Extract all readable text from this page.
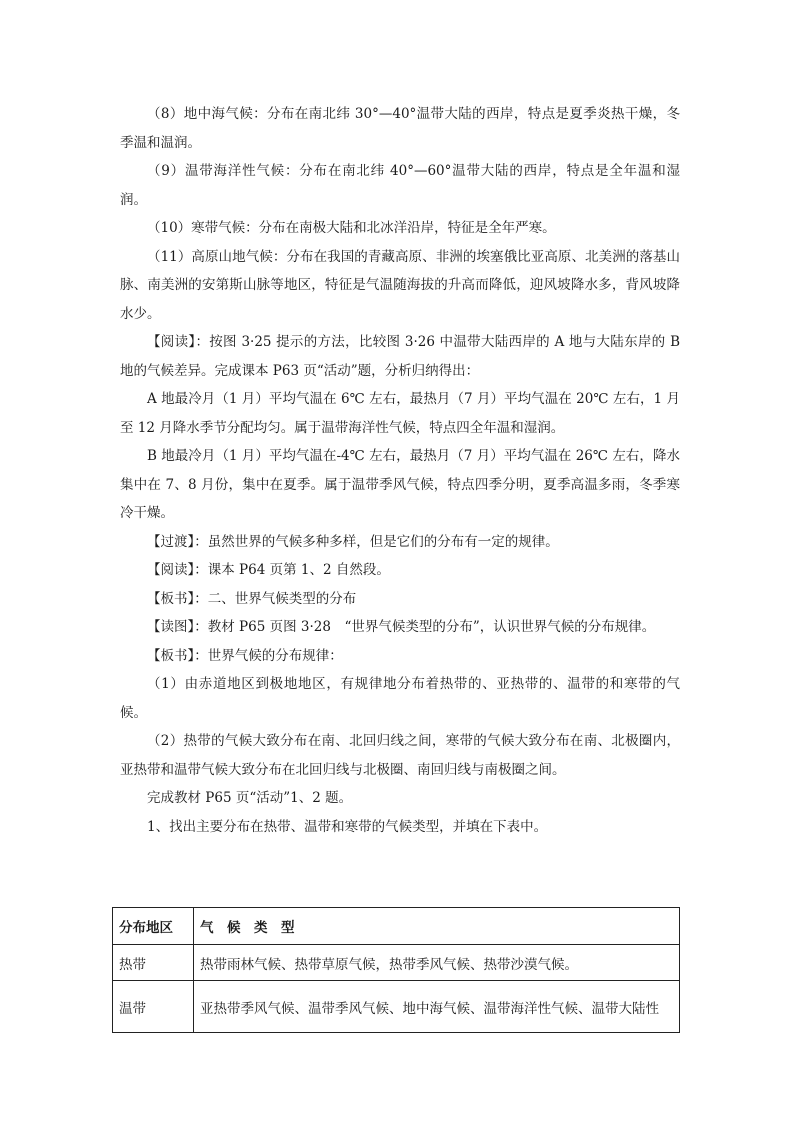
（8）地中海气候：分布在南北纬 30°—40°温带大陆的西岸，特点是夏季炎热干燥，冬季温和温润。

（9）温带海洋性气候：分布在南北纬 40°—60°温带大陆的西岸，特点是全年温和湿润。

（10）寒带气候：分布在南极大陆和北冰洋沿岸，特征是全年严寒。

（11）高原山地气候：分布在我国的青藏高原、非洲的埃塞俄比亚高原、北美洲的落基山脉、南美洲的安第斯山脉等地区，特征是气温随海拔的升高而降低，迎风坡降水多，背风坡降水少。

【阅读】：按图 3·25 提示的方法，比较图 3·26 中温带大陆西岸的 A 地与大陆东岸的 B 地的气候差异。完成课本 P63 页“活动”题，分析归纳得出：

A 地最冷月（1 月）平均气温在 6℃ 左右，最热月（7 月）平均气温在 20℃ 左右，1 月至 12 月降水季节分配均匀。属于温带海洋性气候，特点四全年温和湿润。

B 地最冷月（1 月）平均气温在-4℃ 左右，最热月（7 月）平均气温在 26℃ 左右，降水集中在 7、8 月份，集中在夏季。属于温带季风气候，特点四季分明，夏季高温多雨，冬季寒冷干燥。

【过渡】：虽然世界的气候多种多样，但是它们的分布有一定的规律。

【阅读】：课本 P64 页第 1、2 自然段。

【板书】：二、世界气候类型的分布

【读图】：教材 P65 页图 3·28　“世界气候类型的分布”，认识世界气候的分布规律。

【板书】：世界气候的分布规律：

（1）由赤道地区到极地地区，有规律地分布着热带的、亚热带的、温带的和寒带的气候。

（2）热带的气候大致分布在南、北回归线之间，寒带的气候大致分布在南、北极圈内，亚热带和温带气候大致分布在北回归线与北极圈、南回归线与南极圈之间。

完成教材 P65 页“活动”1、2 题。

1、找出主要分布在热带、温带和寒带的气候类型，并填在下表中。

分布地区	气　候　类　型
热带	热带雨林气候、热带草原气候，热带季风气候、热带沙漠气候。
温带	亚热带季风气候、温带季风气候、地中海气候、温带海洋性气候、温带大陆性
